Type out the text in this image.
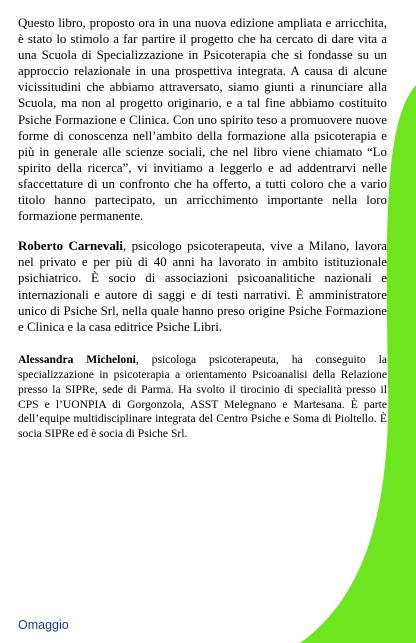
Questo libro, proposto ora in una nuova edizione ampliata e arricchita, è stato lo stimolo a far partire il progetto che ha cercato di dare vita a una Scuola di Specializzazione in Psicoterapia che si fondasse su un approccio relazionale in una prospettiva integrata. A causa di alcune vicissitudini che abbiamo attraversato, siamo giunti a rinunciare alla Scuola, ma non al progetto originario, e a tal fine abbiamo costituito Psiche Formazione e Clinica. Con uno spirito teso a promuovere nuove forme di conoscenza nell’ambito della formazione alla psicoterapia e più in generale alle scienze sociali, che nel libro viene chiamato “Lo spirito della ricerca”, vi invitiamo a leggerlo e ad addentrarvi nelle sfaccettature di un confronto che ha offerto, a tutti coloro che a vario titolo hanno partecipato, un arricchimento importante nella loro formazione permanente.

Roberto Carnevali, psicologo psicoterapeuta, vive a Milano, lavora nel privato e per più di 40 anni ha lavorato in ambito istituzionale psichiatrico. È socio di associazioni psicoanalitiche nazionali e internazionali e autore di saggi e di testi narrativi. È amministratore unico di Psiche Srl, nella quale hanno preso origine Psiche Formazione e Clinica e la casa editrice Psiche Libri.

Alessandra Micheloni, psicologa psicoterapeuta, ha conseguito la specializzazione in psicoterapia a orientamento Psicoanalisi della Relazione presso la SIPRe, sede di Parma. Ha svolto il tirocinio di specialità presso il CPS e l’UONPIA di Gorgonzola, ASST Melegnano e Martesana. È parte dell’equipe multidisciplinare integrata del Centro Psiche e Soma di Pioltello. È socia SIPRe ed è socia di Psiche Srl.

Omaggio
